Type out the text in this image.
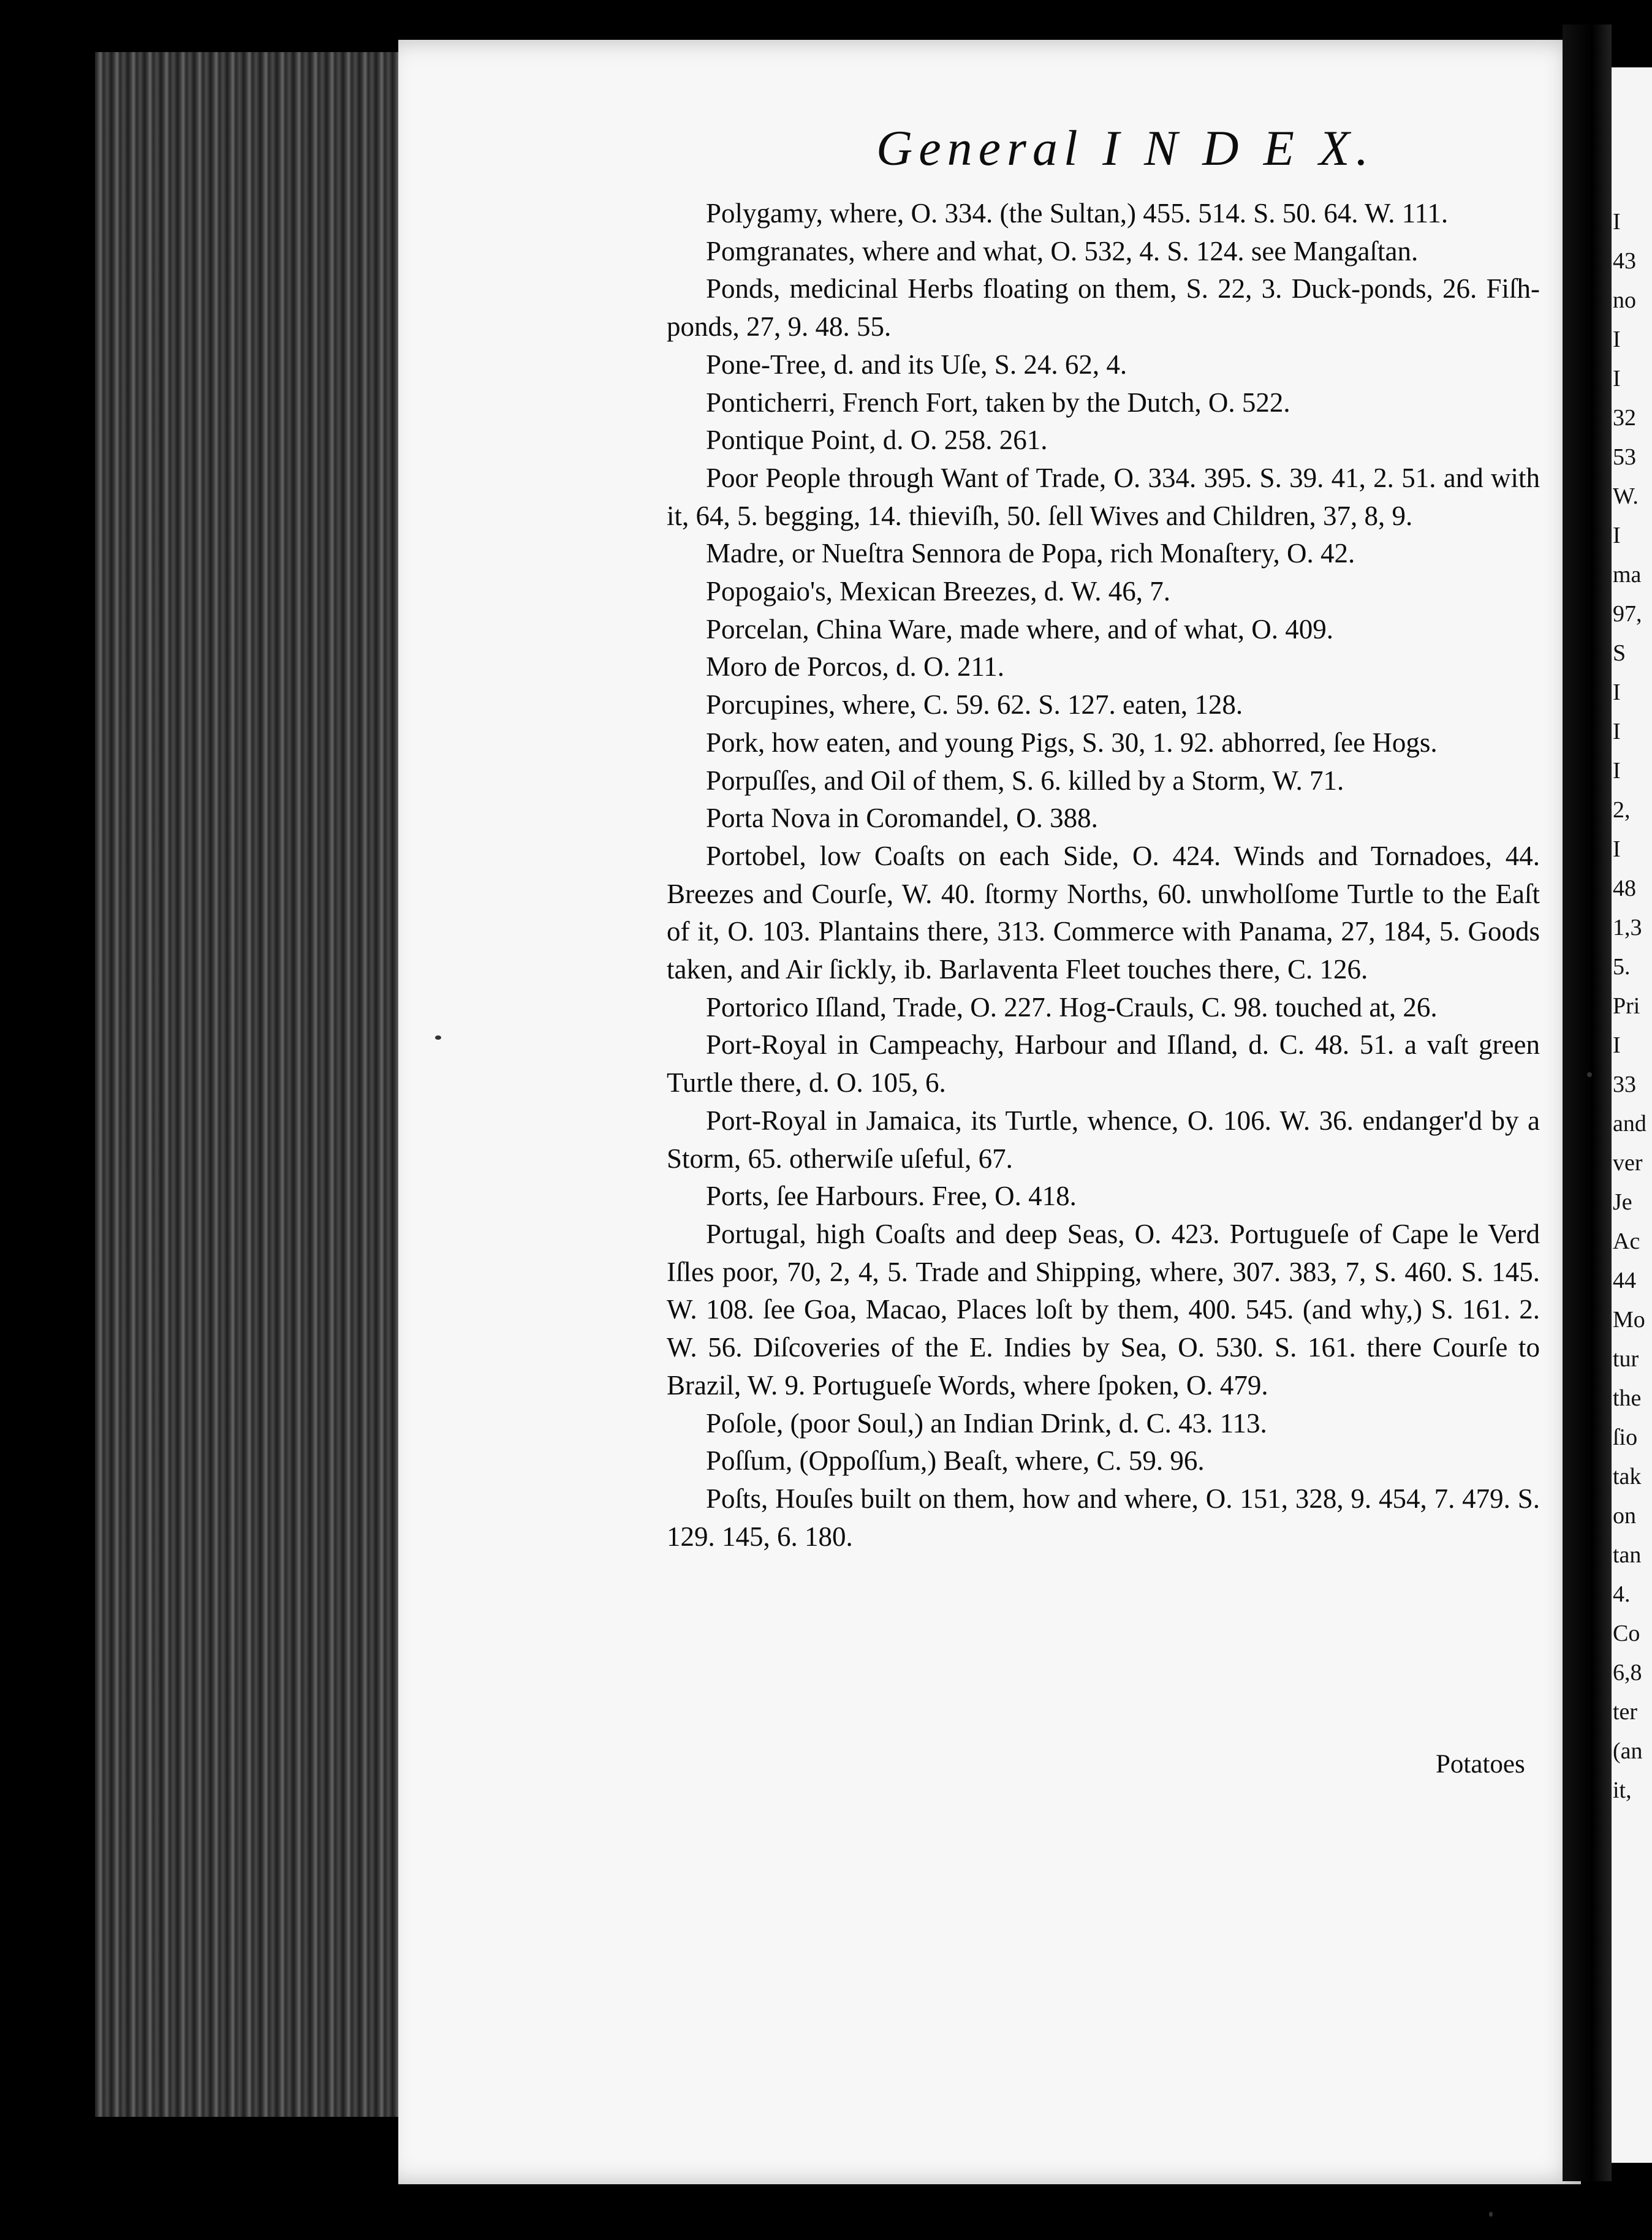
I
43
no
I
I
32
53
W.
I
ma
97,
S
I
I
I
2,
I
48
1,3
5.
Pri
I
33
and
ver
Je
Ac
44
Mo
tur
the
ſio
tak
on
tan
4.
Co
6,8
ter
(an
it,
General I N D E X.

Polygamy, where, O. 334. (the Sultan,) 455. 514. S. 50. 64. W. 111.

Pomgranates, where and what, O. 532, 4. S. 124. see Mangaſtan.

Ponds, medicinal Herbs floating on them, S. 22, 3. Duck-ponds, 26. Fiſh-ponds, 27, 9. 48. 55.

Pone-Tree, d. and its Uſe, S. 24. 62, 4.

Ponticherri, French Fort, taken by the Dutch, O. 522.

Pontique Point, d. O. 258. 261.

Poor People through Want of Trade, O. 334. 395. S. 39. 41, 2. 51. and with it, 64, 5. begging, 14. thieviſh, 50. ſell Wives and Children, 37, 8, 9.

Madre, or Nueſtra Sennora de Popa, rich Monaſtery, O. 42.

Popogaio's, Mexican Breezes, d. W. 46, 7.

Porcelan, China Ware, made where, and of what, O. 409.

Moro de Porcos, d. O. 211.

Porcupines, where, C. 59. 62. S. 127. eaten, 128.

Pork, how eaten, and young Pigs, S. 30, 1. 92. abhorred, ſee Hogs.

Porpuſſes, and Oil of them, S. 6. killed by a Storm, W. 71.

Porta Nova in Coromandel, O. 388.

Portobel, low Coaſts on each Side, O. 424. Winds and Tornadoes, 44. Breezes and Courſe, W. 40. ſtormy Norths, 60. unwholſome Turtle to the Eaſt of it, O. 103. Plantains there, 313. Commerce with Panama, 27, 184, 5. Goods taken, and Air ſickly, ib. Barlaventa Fleet touches there, C. 126.

Portorico Iſland, Trade, O. 227. Hog-Crauls, C. 98. touched at, 26.

Port-Royal in Campeachy, Harbour and Iſland, d. C. 48. 51. a vaſt green Turtle there, d. O. 105, 6.

Port-Royal in Jamaica, its Turtle, whence, O. 106. W. 36. endanger'd by a Storm, 65. otherwiſe uſeful, 67.

Ports, ſee Harbours. Free, O. 418.

Portugal, high Coaſts and deep Seas, O. 423. Portugueſe of Cape le Verd Iſles poor, 70, 2, 4, 5. Trade and Shipping, where, 307. 383, 7, S. 460. S. 145. W. 108. ſee Goa, Macao, Places loſt by them, 400. 545. (and why,) S. 161. 2. W. 56. Diſcoveries of the E. Indies by Sea, O. 530. S. 161. there Courſe to Brazil, W. 9. Portugueſe Words, where ſpoken, O. 479.

Poſole, (poor Soul,) an Indian Drink, d. C. 43. 113.

Poſſum, (Oppoſſum,) Beaſt, where, C. 59. 96.

Poſts, Houſes built on them, how and where, O. 151, 328, 9. 454, 7. 479. S. 129. 145, 6. 180.

Potatoes
